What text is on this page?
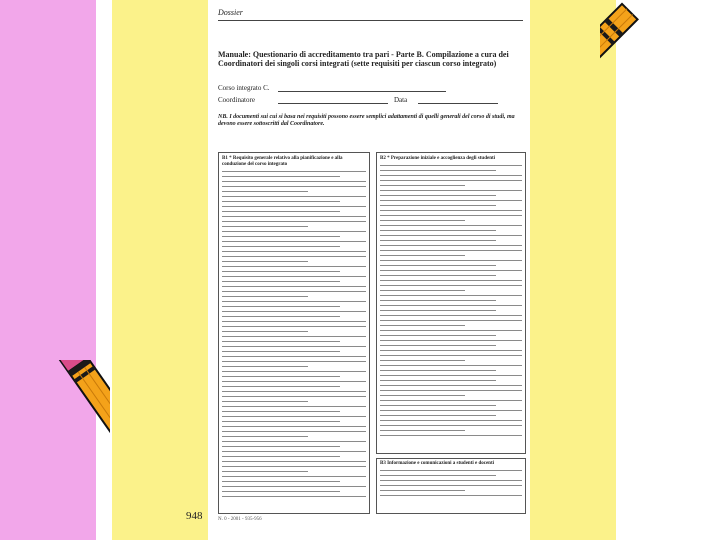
Dossier
Manuale: Questionario di accreditamento tra pari - Parte B. Compilazione a cura dei Coordinatori dei singoli corsi integrati (sette requisiti per ciascun corso integrato)
Corso integrato C.
Coordinatore	Data
NB. I documenti sui cui si basa nei requisiti possono essere semplici adattamenti di quelli generali del corso di studi, ma devono essere sottoscritti dal Coordinatore.
B1 * Requisito generale relativo alla pianificazione e alla conduzione del corso integrato
B2 * Preparazione iniziale e accoglienza degli studenti
B3 Informazione e comunicazioni a studenti e docenti
N. 0 - 2001 - 935-956
948
